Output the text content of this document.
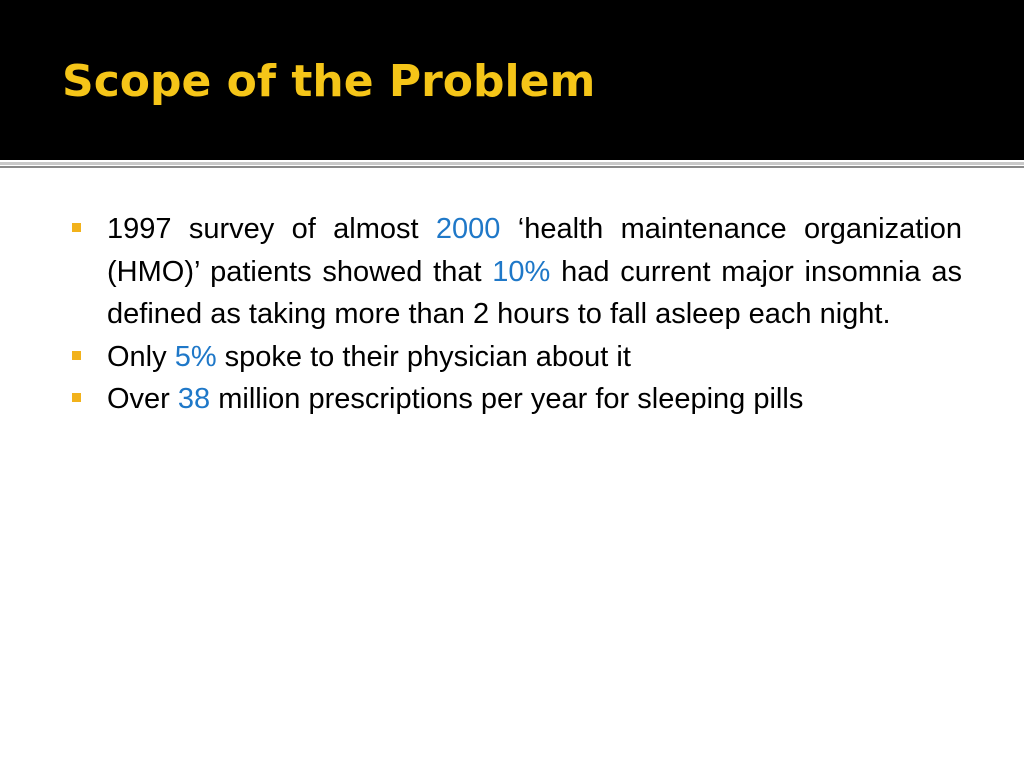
Scope of the Problem
1997 survey of almost 2000 ‘health maintenance organization (HMO)’ patients showed that 10% had current major insomnia as defined as taking more than 2 hours to fall asleep each night.
Only 5% spoke to their physician about it
Over 38 million prescriptions per year for sleeping pills
